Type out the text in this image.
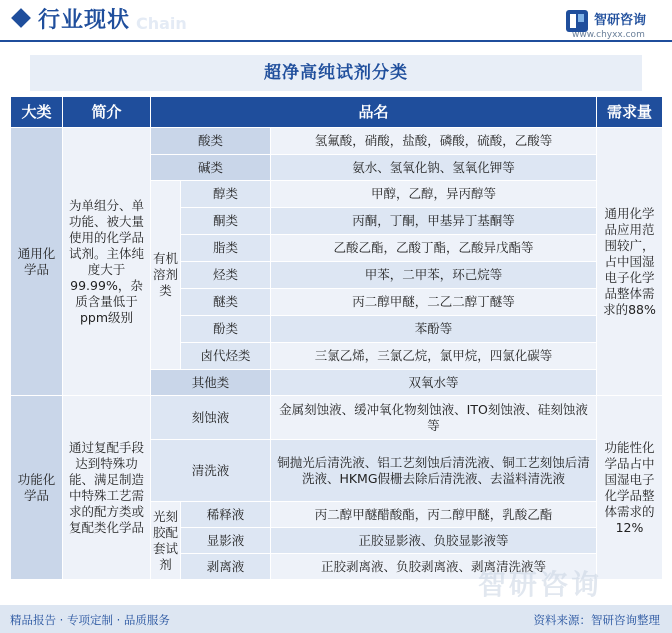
Chain
行业现状	智研咨询
www.chyxx.com
超净高纯试剂分类
大类	简介	品名			需求量
通用化学品	为单组分、单功能、被大量使用的化学品试剂。主体纯度大于99.99%，杂质含量低于ppm级别	酸类		氢氟酸，硝酸，盐酸，磷酸，硫酸，乙酸等	通用化学品应用范围较广，占中国湿电子化学品整体需求的88%
		碱类		氨水、氢氧化钠、氢氧化钾等	
		有机溶剂类	醇类	甲醇，乙醇，异丙醇等	
			酮类	丙酮，丁酮，甲基异丁基酮等	
			脂类	乙酸乙酯，乙酸丁酯，乙酸异戊酯等	
			烃类	甲苯，二甲苯，环己烷等	
			醚类	丙二醇甲醚，二乙二醇丁醚等	
			酚类	苯酚等	
			卤代烃类	三氯乙烯，三氯乙烷，氯甲烷，四氯化碳等	
		其他类		双氧水等	
功能化学品	通过复配手段达到特殊功能、满足制造中特殊工艺需求的配方类或复配类化学品	刻蚀液		金属刻蚀液、缓冲氧化物刻蚀液、ITO刻蚀液、硅刻蚀液等	功能性化学品占中国湿电子化学品整体需求的12%
		清洗液		铜抛光后清洗液、铝工艺刻蚀后清洗液、铜工艺刻蚀后清洗液、HKMG假栅去除后清洗液、去溢料清洗液	
		光刻胶配套试剂	稀释液	丙二醇甲醚醋酸酯，丙二醇甲醚，乳酸乙酯	
			显影液	正胶显影液、负胶显影液等	
			剥离液	正胶剥离液、负胶剥离液、剥离清洗液等	
智研咨询
精品报告 · 专项定制 · 品质服务	资料来源：智研咨询整理
